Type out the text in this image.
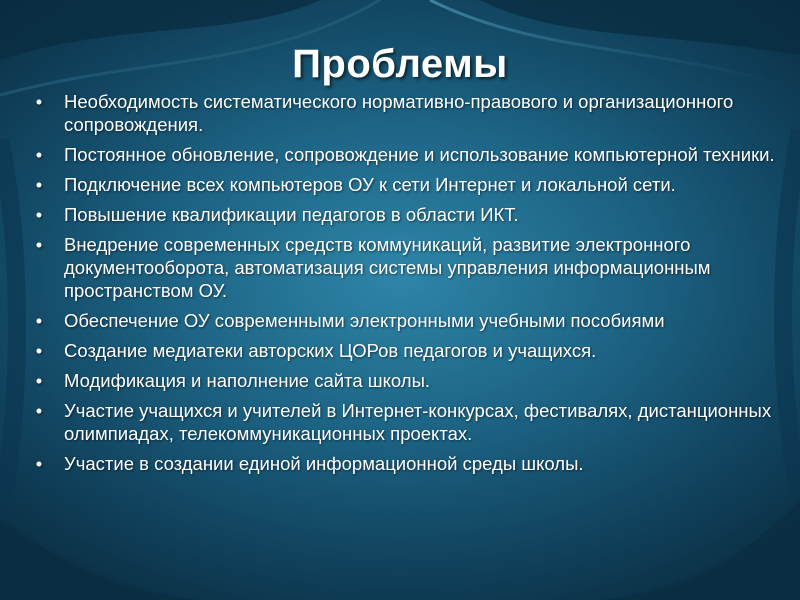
Проблемы
• Необходимость систематического нормативно-правового и организационного сопровождения.
• Постоянное обновление, сопровождение и использование компьютерной техники.
• Подключение всех компьютеров ОУ к сети Интернет и локальной сети.
• Повышение квалификации педагогов в области ИКТ.
• Внедрение современных средств коммуникаций, развитие электронного документооборота, автоматизация системы управления информационным пространством ОУ.
• Обеспечение ОУ современными электронными учебными пособиями
• Создание медиатеки авторских ЦОРов педагогов и учащихся.
• Модификация и наполнение сайта школы.
• Участие учащихся и учителей в Интернет-конкурсах, фестивалях, дистанционных олимпиадах, телекоммуникационных проектах.
• Участие в создании единой информационной среды школы.
